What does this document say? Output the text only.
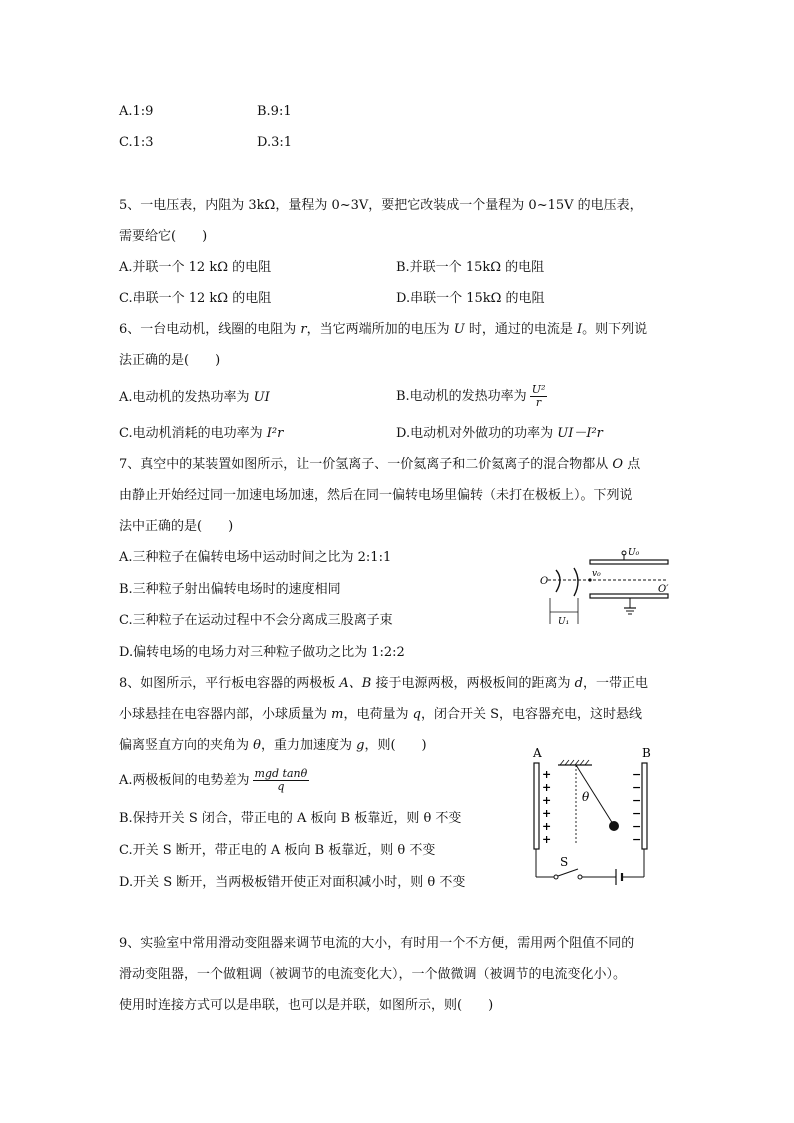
A.1:9	B.9:1
C.1:3	D.3:1
5、一电压表，内阻为 3kΩ，量程为 0~3V，要把它改装成一个量程为 0~15V 的电压表，
需要给它(　　)
A.并联一个 12 kΩ 的电阻	B.并联一个 15kΩ 的电阻
C.串联一个 12 kΩ 的电阻	D.串联一个 15kΩ 的电阻
6、一台电动机，线圈的电阻为 r，当它两端所加的电压为 U 时，通过的电流是 I。则下列说
法正确的是(　　)
A.电动机的发热功率为 UI	B.电动机的发热功率为 $\frac{\text{U²}}{r}$
C.电动机消耗的电功率为 I²r	D.电动机对外做功的功率为 UI－I²r
7、真空中的某装置如图所示，让一价氢离子、一价氦离子和二价氦离子的混合物都从 O 点
由静止开始经过同一加速电场加速，然后在同一偏转电场里偏转（未打在极板上）。下列说
法中正确的是(　　)
A.三种粒子在偏转电场中运动时间之比为 2:1:1
B.三种粒子射出偏转电场时的速度相同
C.三种粒子在运动过程中不会分离成三股离子束
D.偏转电场的电场力对三种粒子做功之比为 1:2:2
U₀
v₀
O
O′
U₁
8、如图所示，平行板电容器的两极板 A、B 接于电源两极，两极板间的距离为 d，一带正电
小球悬挂在电容器内部，小球质量为 m，电荷量为 q，闭合开关 S，电容器充电，这时悬线
偏离竖直方向的夹角为 θ，重力加速度为 g，则(　　)
A.两极板间的电势差为 $\frac{\text{mgd tanθ}}{q}$
B.保持开关 S 闭合，带正电的 A 板向 B 板靠近，则 θ 不变
C.开关 S 断开，带正电的 A 板向 B 板靠近，则 θ 不变
D.开关 S 断开，当两极板错开使正对面积减小时，则 θ 不变
A	B
+
+
+
+
+
+
−
−
−
−
−
−
θ
S
9、实验室中常用滑动变阻器来调节电流的大小，有时用一个不方便，需用两个阻值不同的
滑动变阻器，一个做粗调（被调节的电流变化大），一个做微调（被调节的电流变化小）。
使用时连接方式可以是串联，也可以是并联，如图所示，则(　　)
